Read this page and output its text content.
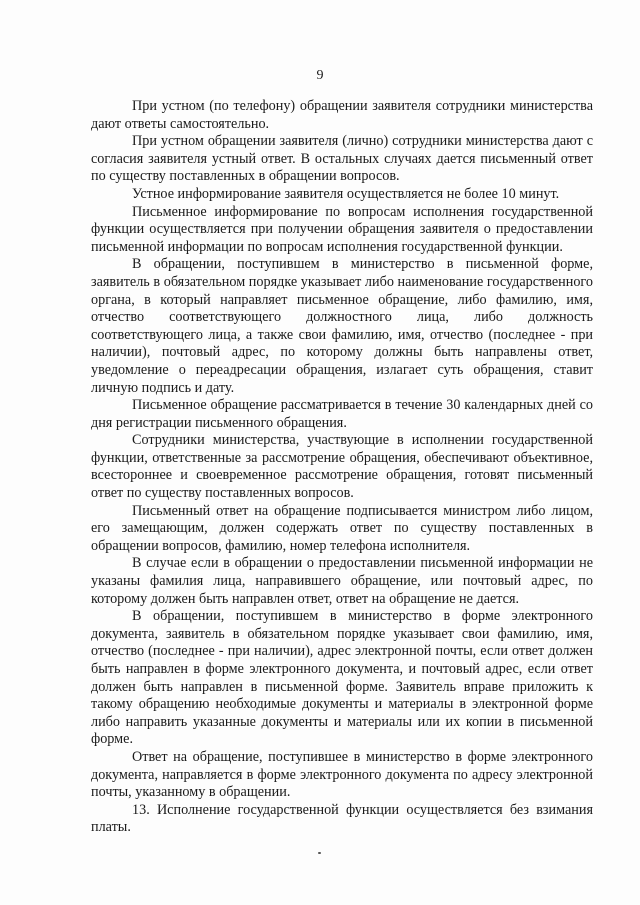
9

При устном (по телефону) обращении заявителя сотрудники министерства дают ответы самостоятельно.

При устном обращении заявителя (лично) сотрудники министерства дают с согласия заявителя устный ответ. В остальных случаях дается письменный ответ по существу поставленных в обращении вопросов.

Устное информирование заявителя осуществляется не более 10 минут.

Письменное информирование по вопросам исполнения государственной функции осуществляется при получении обращения заявителя о предоставлении письменной информации по вопросам исполнения государственной функции.

В обращении, поступившем в министерство в письменной форме, заявитель в обязательном порядке указывает либо наименование государственного органа, в который направляет письменное обращение, либо фамилию, имя, отчество соответствующего должностного лица, либо должность соответствующего лица, а также свои фамилию, имя, отчество (последнее - при наличии), почтовый адрес, по которому должны быть направлены ответ, уведомление о переадресации обращения, излагает суть обращения, ставит личную подпись и дату.

Письменное обращение рассматривается в течение 30 календарных дней со дня регистрации письменного обращения.

Сотрудники министерства, участвующие в исполнении государственной функции, ответственные за рассмотрение обращения, обеспечивают объективное, всестороннее и своевременное рассмотрение обращения, готовят письменный ответ по существу поставленных вопросов.

Письменный ответ на обращение подписывается министром либо лицом, его замещающим, должен содержать ответ по существу поставленных в обращении вопросов, фамилию, номер телефона исполнителя.

В случае если в обращении о предоставлении письменной информации не указаны фамилия лица, направившего обращение, или почтовый адрес, по которому должен быть направлен ответ, ответ на обращение не дается.

В обращении, поступившем в министерство в форме электронного документа, заявитель в обязательном порядке указывает свои фамилию, имя, отчество (последнее - при наличии), адрес электронной почты, если ответ должен быть направлен в форме электронного документа, и почтовый адрес, если ответ должен быть направлен в письменной форме. Заявитель вправе приложить к такому обращению необходимые документы и материалы в электронной форме либо направить указанные документы и материалы или их копии в письменной форме.

Ответ на обращение, поступившее в министерство в форме электронного документа, направляется в форме электронного документа по адресу электронной почты, указанному в обращении.

13. Исполнение государственной функции осуществляется без взимания платы.
